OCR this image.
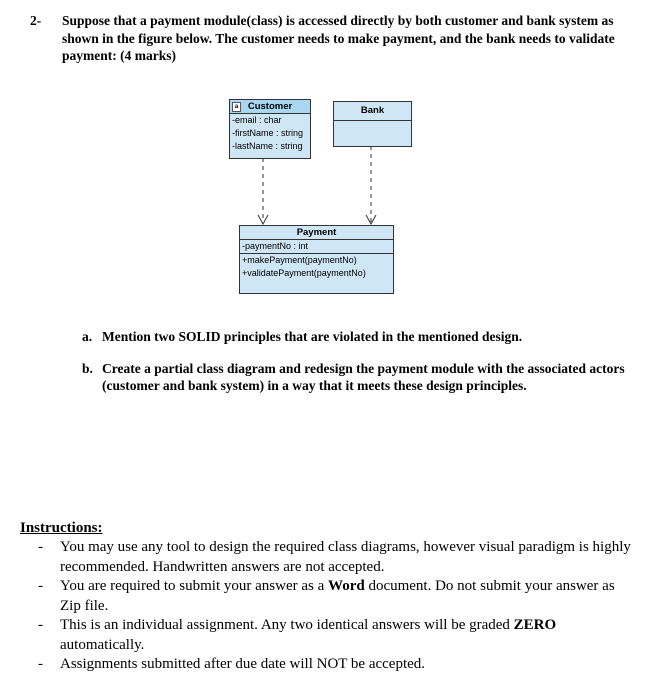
2-	Suppose that a payment module(class) is accessed directly by both customer and bank system as shown in the figure below. The customer needs to make payment, and the bank needs to validate payment: (4 marks)
a Customer
-email : char
-firstName : string
-lastName : string
Bank
Payment
-paymentNo : int
+makePayment(paymentNo)
+validatePayment(paymentNo)
a. Mention two SOLID principles that are violated in the mentioned design.
b. Create a partial class diagram and redesign the payment module with the associated actors (customer and bank system) in a way that it meets these design principles.
Instructions:
- You may use any tool to design the required class diagrams, however visual paradigm is highly recommended. Handwritten answers are not accepted.
- You are required to submit your answer as a Word document. Do not submit your answer as Zip file.
- This is an individual assignment. Any two identical answers will be graded ZERO automatically.
- Assignments submitted after due date will NOT be accepted.
